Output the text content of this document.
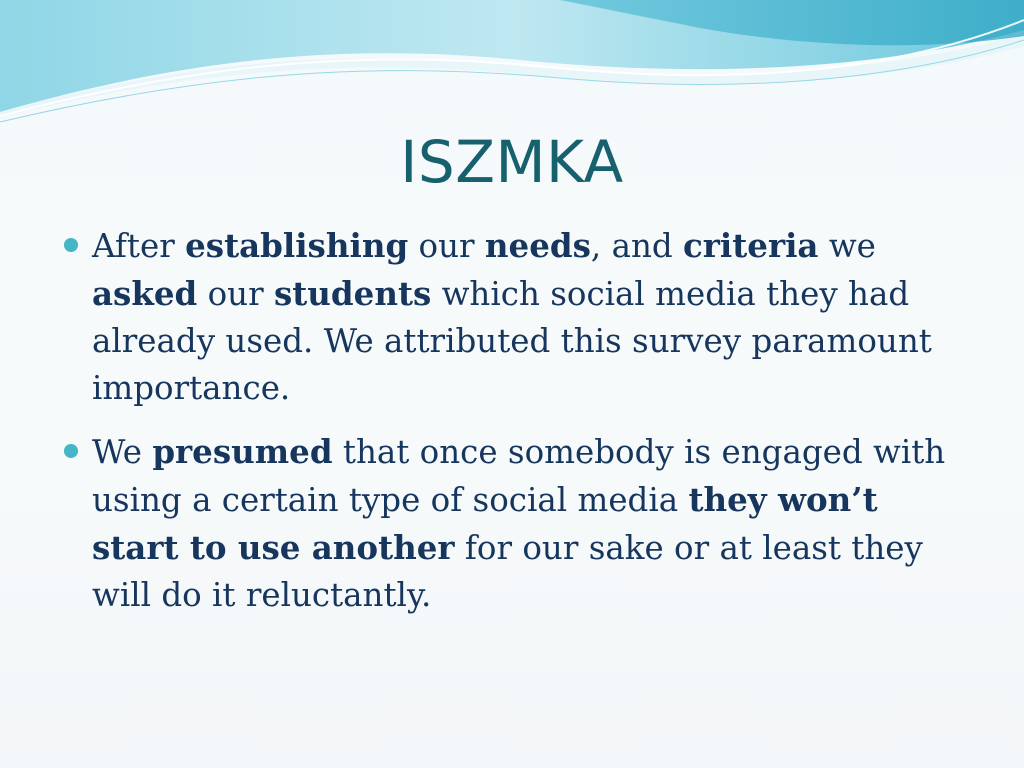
ISZMKA
After establishing our needs, and criteria we asked our students which social media they had already used. We attributed this survey paramount importance.
We presumed that once somebody is engaged with using a certain type of social media they won’t start to use another for our sake or at least they will do it reluctantly.
